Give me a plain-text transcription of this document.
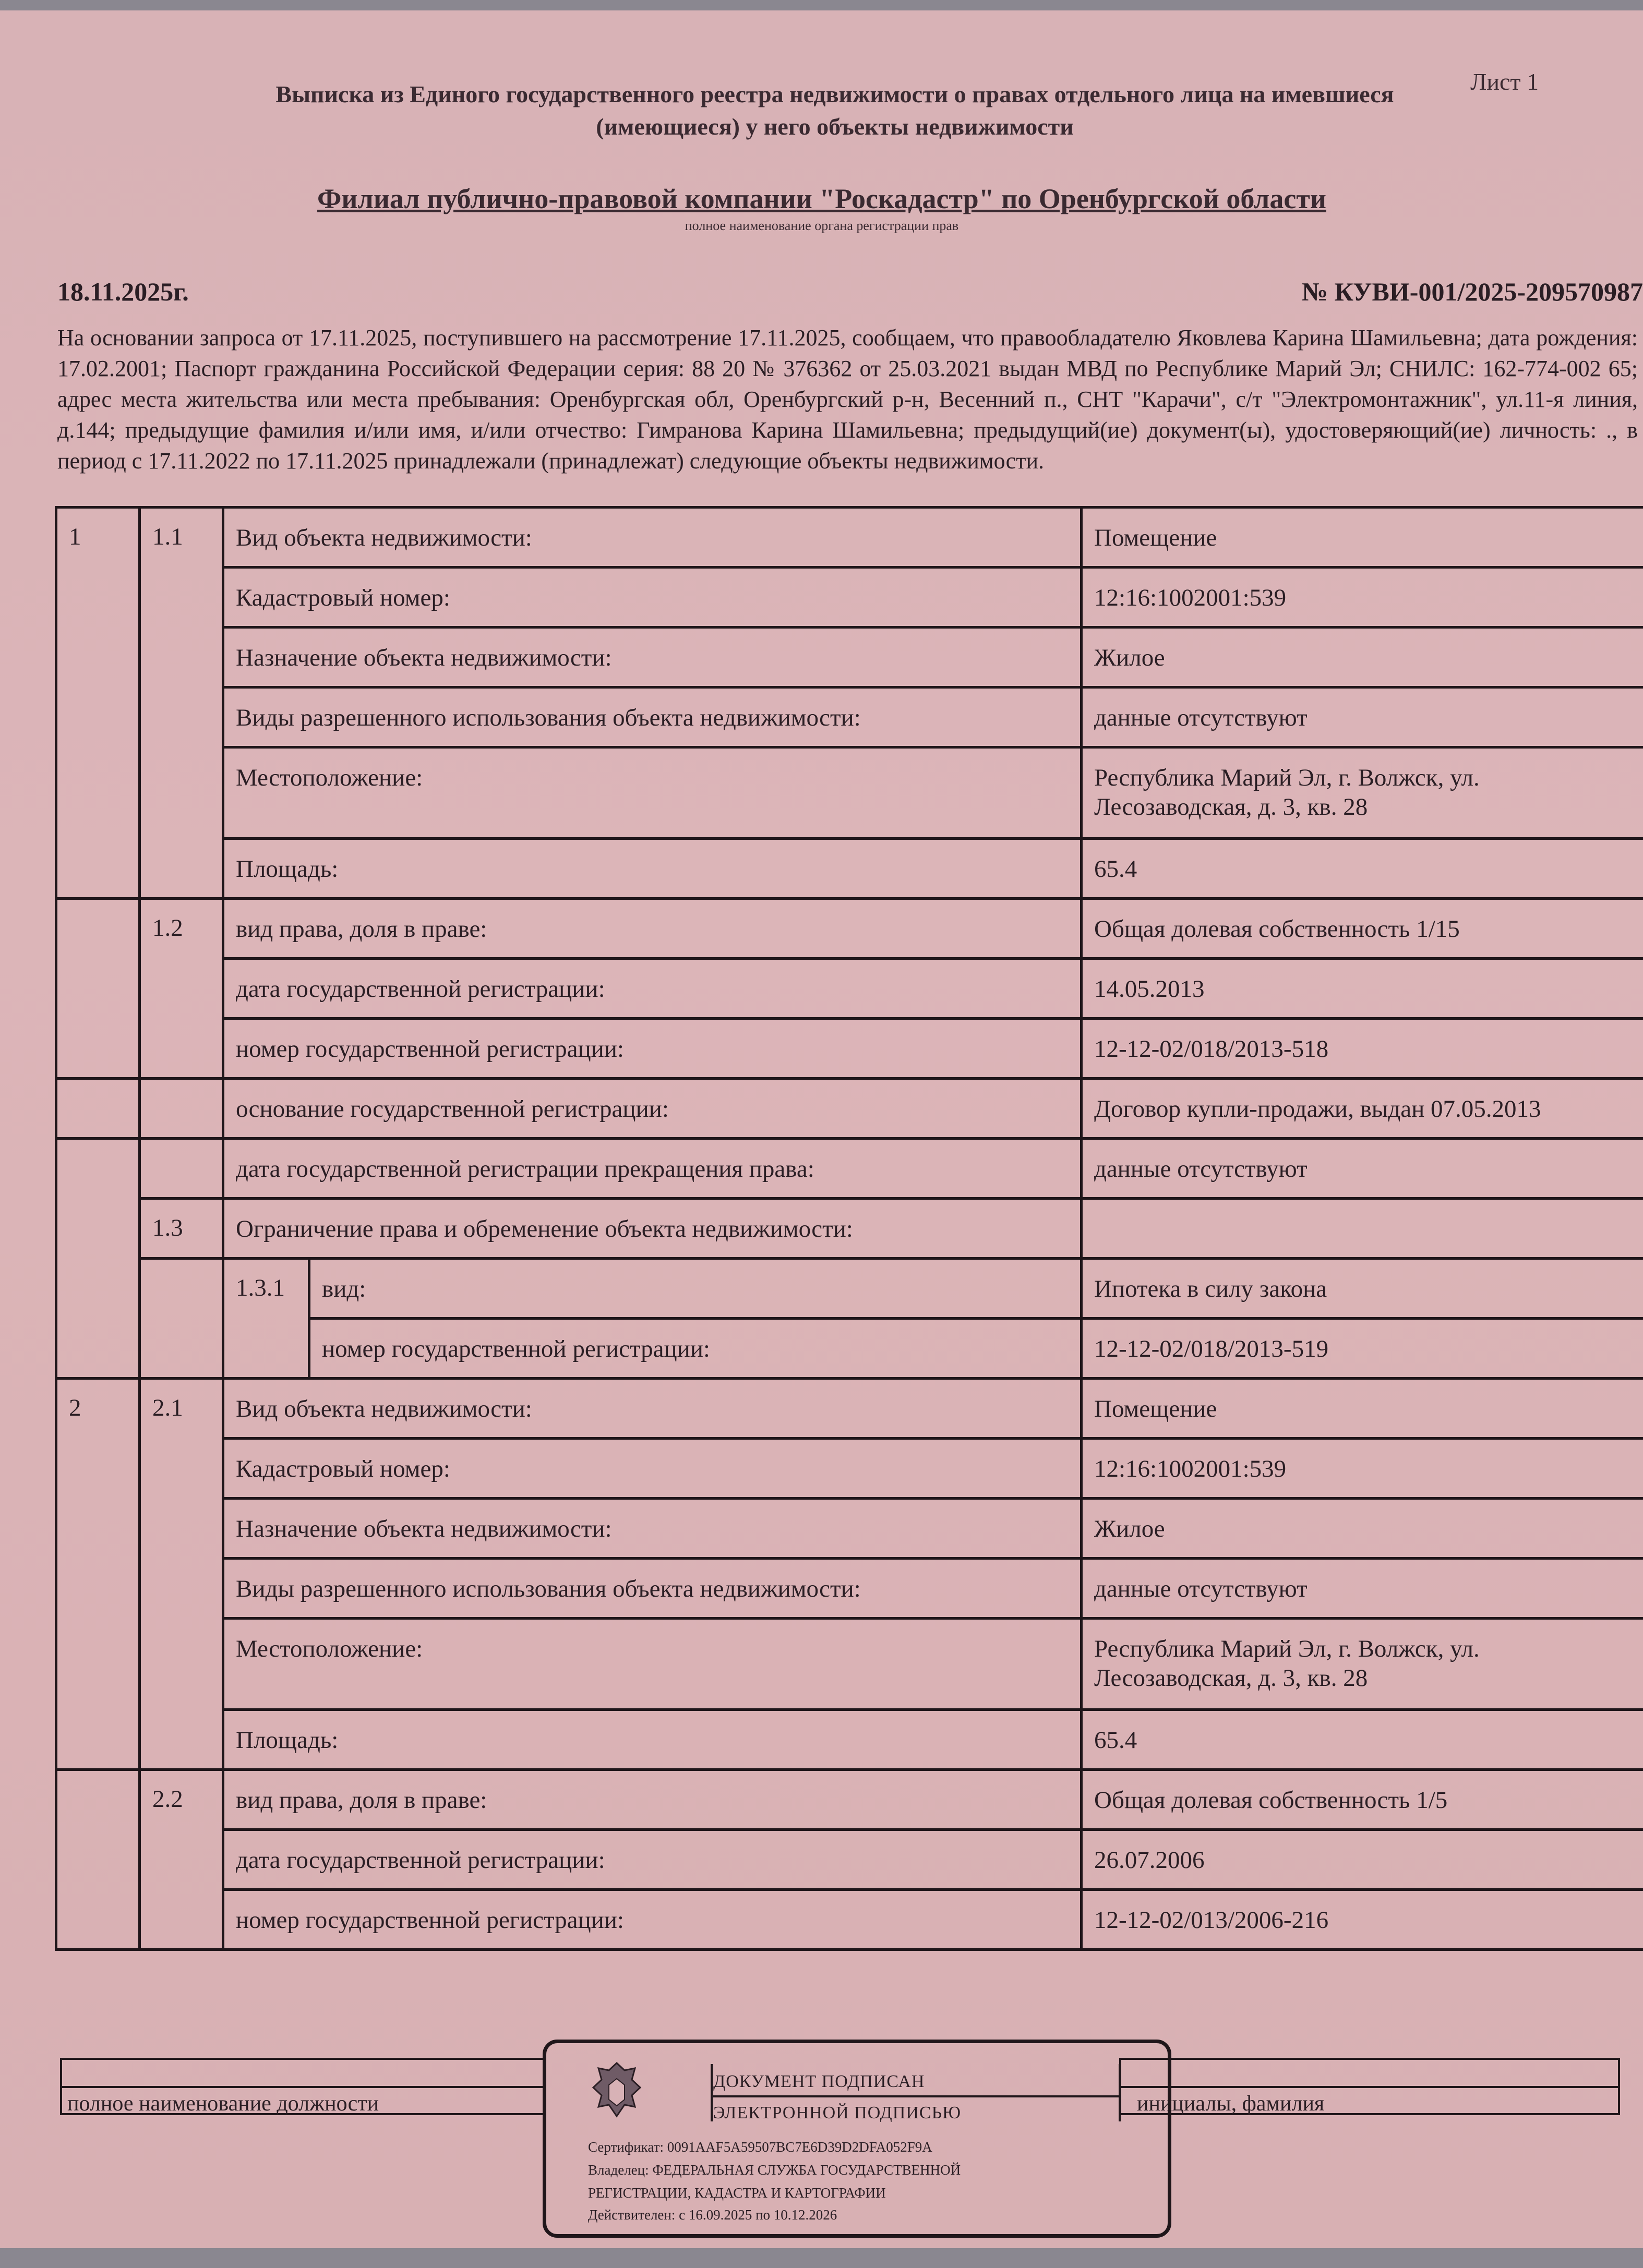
Выписка из Единого государственного реестра недвижимости о правах отдельного лица на имевшиеся (имеющиеся) у него объекты недвижимости
Лист 1
Филиал публично-правовой компании "Роскадастр" по Оренбургской области
полное наименование органа регистрации прав
18.11.2025г.	№ КУВИ-001/2025-209570987
На основании запроса от 17.11.2025, поступившего на рассмотрение 17.11.2025, сообщаем, что правообладателю Яковлева Карина Шамильевна; дата рождения: 17.02.2001; Паспорт гражданина Российской Федерации серия: 88 20 № 376362 от 25.03.2021 выдан МВД по Республике Марий Эл; СНИЛС: 162-774-002 65; адрес места жительства или места пребывания: Оренбургская обл, Оренбургский р-н, Весенний п., СНТ "Карачи", с/т "Электромонтажник", ул.11-я линия, д.144; предыдущие фамилия и/или имя, и/или отчество: Гимранова Карина Шамильевна; предыдущий(ие) документ(ы), удостоверяющий(ие) личность: ., в период с 17.11.2022 по 17.11.2025 принадлежали (принадлежат) следующие объекты недвижимости.
1	1.1	Вид объекта недвижимости:		Помещение
		Кадастровый номер:		12:16:1002001:539
		Назначение объекта недвижимости:		Жилое
		Виды разрешенного использования объекта недвижимости:		данные отсутствуют
		Местоположение:		Республика Марий Эл, г. Волжск, ул. Лесозаводская, д. 3, кв. 28
		Площадь:		65.4
	1.2	вид права, доля в праве:		Общая долевая собственность 1/15
		дата государственной регистрации:		14.05.2013
		номер государственной регистрации:		12-12-02/018/2013-518
		основание государственной регистрации:		Договор купли-продажи, выдан 07.05.2013
		дата государственной регистрации прекращения права:		данные отсутствуют
	1.3	Ограничение права и обременение объекта недвижимости:		
		1.3.1	вид:	Ипотека в силу закона
			номер государственной регистрации:	12-12-02/018/2013-519
2	2.1	Вид объекта недвижимости:		Помещение
		Кадастровый номер:		12:16:1002001:539
		Назначение объекта недвижимости:		Жилое
		Виды разрешенного использования объекта недвижимости:		данные отсутствуют
		Местоположение:		Республика Марий Эл, г. Волжск, ул. Лесозаводская, д. 3, кв. 28
		Площадь:		65.4
	2.2	вид права, доля в праве:		Общая долевая собственность 1/5
		дата государственной регистрации:		26.07.2006
		номер государственной регистрации:		12-12-02/013/2006-216
полное наименование должности	инициалы, фамилия
ДОКУМЕНТ ПОДПИСАН
ЭЛЕКТРОННОЙ ПОДПИСЬЮ
Сертификат: 0091AAF5A59507BC7E6D39D2DFA052F9A
Владелец: ФЕДЕРАЛЬНАЯ СЛУЖБА ГОСУДАРСТВЕННОЙ
РЕГИСТРАЦИИ, КАДАСТРА И КАРТОГРАФИИ
Действителен: с 16.09.2025 по 10.12.2026
